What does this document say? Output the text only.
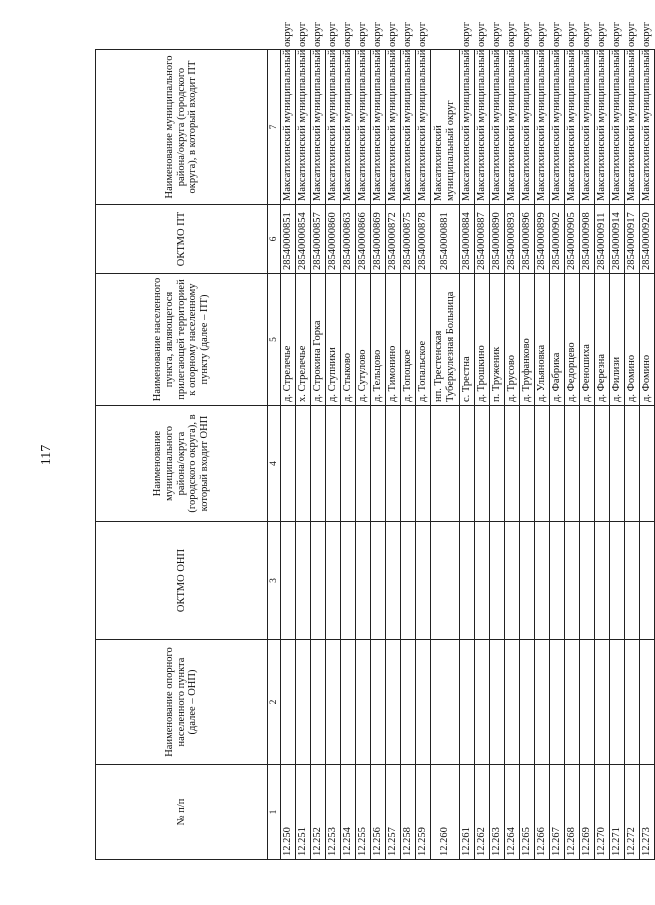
117
№ п/п	Наименование опорного населенного пункта (далее – ОНП)	ОКТМО ОНП	Наименование муниципального района/округа (городского округа), в который входит ОНП	Наименование населенного пункта, являющегося прилегающей территорией к опорному населенному пункту (далее – ПТ)	ОКТМО ПТ	Наименование муниципального района/округа (городского округа), в который входит ПТ
1	2	3	4	5	6	7
12.250				д. Стрелечье	28540000851	Максатихинский муниципальный округ
12.251				х. Стрелечье	28540000854	Максатихинский муниципальный округ
12.252				д. Строкина Горка	28540000857	Максатихинский муниципальный округ
12.253				д. Ступники	28540000860	Максатихинский муниципальный округ
12.254				д. Стыково	28540000863	Максатихинский муниципальный округ
12.255				д. Сутулово	28540000866	Максатихинский муниципальный округ
12.256				д. Тельцово	28540000869	Максатихинский муниципальный округ
12.257				д. Тимонино	28540000872	Максатихинский муниципальный округ
12.258				д. Топоцкое	28540000875	Максатихинский муниципальный округ
12.259				д. Топальское	28540000878	Максатихинский муниципальный округ
12.260				нп. Трестенская Туберкулезная Больница	28540000881	Максатихинский муниципальный округ
12.261				с. Трестна	28540000884	Максатихинский муниципальный округ
12.262				д. Трошкино	28540000887	Максатихинский муниципальный округ
12.263				п. Труженик	28540000890	Максатихинский муниципальный округ
12.264				д. Трусово	28540000893	Максатихинский муниципальный округ
12.265				д. Труфанково	28540000896	Максатихинский муниципальный округ
12.266				д. Ульяновка	28540000899	Максатихинский муниципальный округ
12.267				д. Фабрика	28540000902	Максатихинский муниципальный округ
12.268				д. Федорцево	28540000905	Максатихинский муниципальный округ
12.269				д. Феношиха	28540000908	Максатихинский муниципальный округ
12.270				д. Ферезна	28540000911	Максатихинский муниципальный округ
12.271				д. Филизи	28540000914	Максатихинский муниципальный округ
12.272				д. Фомино	28540000917	Максатихинский муниципальный округ
12.273				д. Фомино	28540000920	Максатихинский муниципальный округ
